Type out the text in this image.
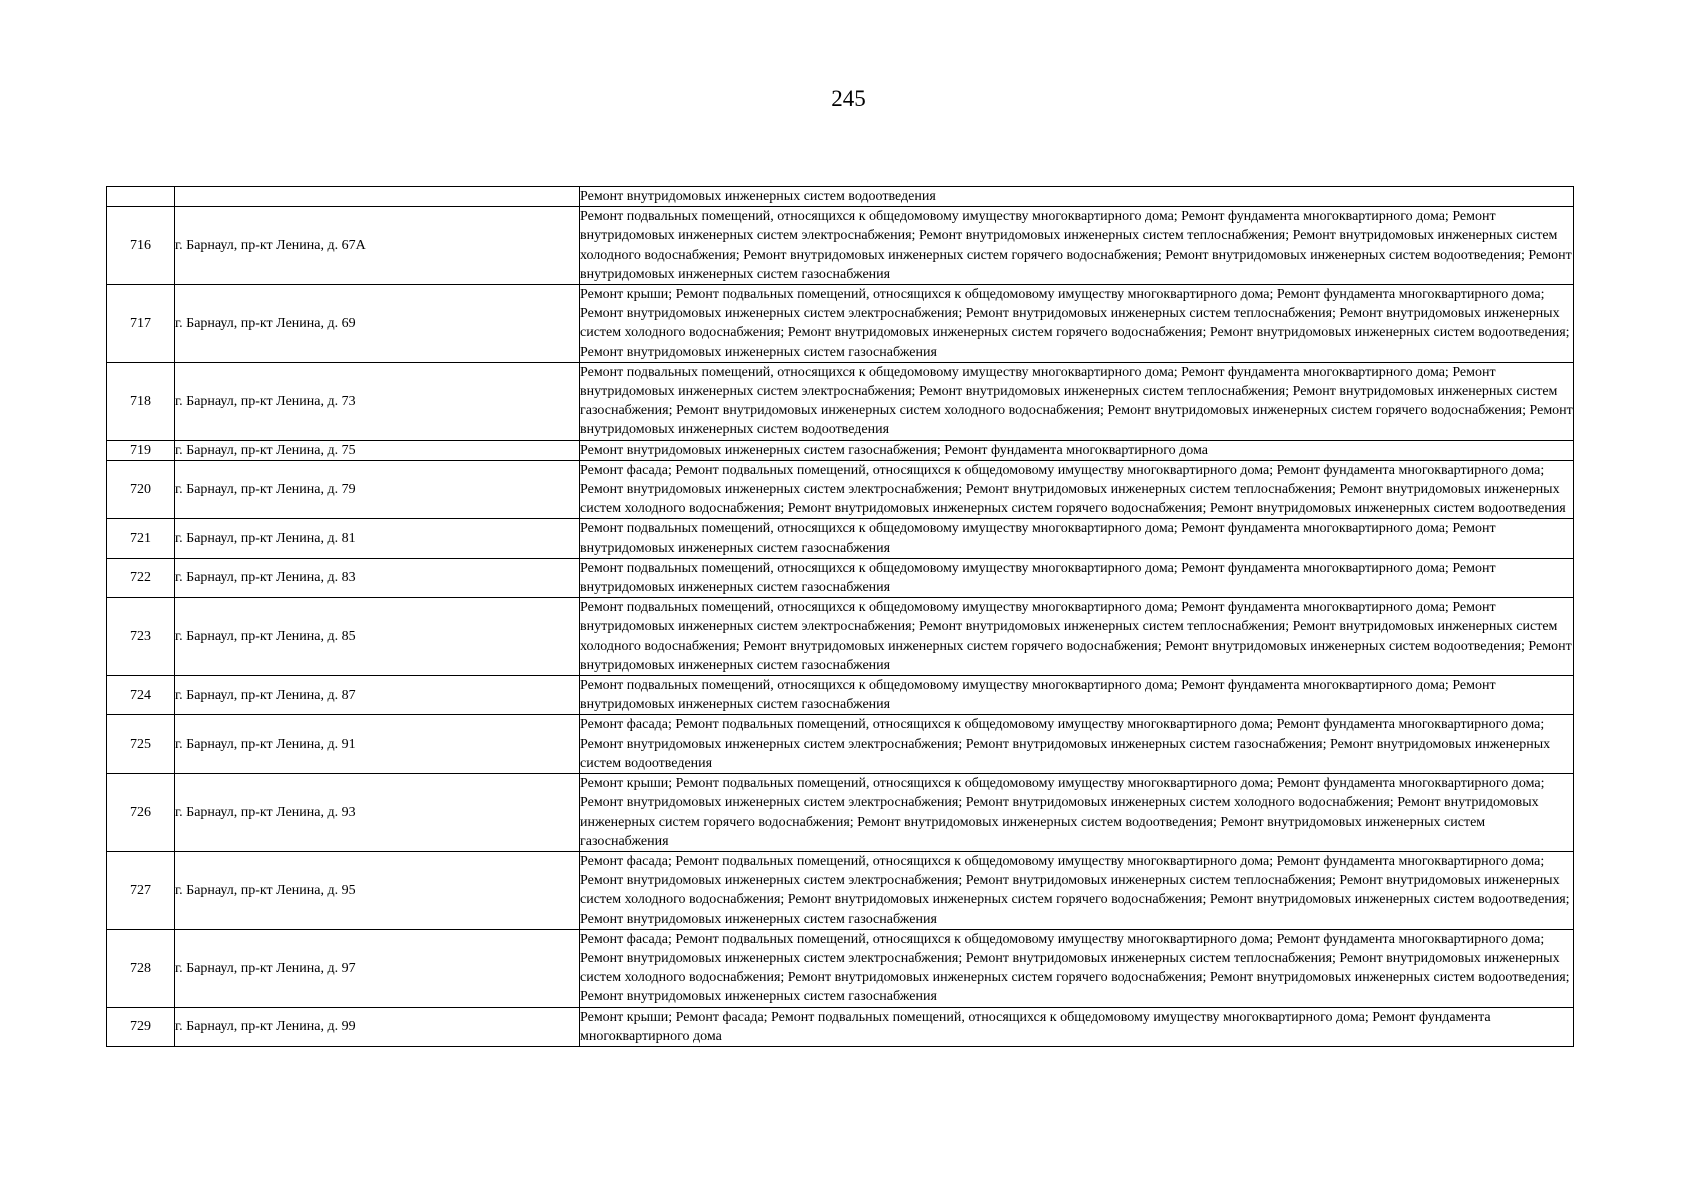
245
		Ремонт внутридомовых инженерных систем водоотведения
716	г. Барнаул, пр-кт Ленина, д. 67А	Ремонт подвальных помещений, относящихся к общедомовому имуществу многоквартирного дома; Ремонт фундамента многоквартирного дома; Ремонт внутридомовых инженерных систем электроснабжения; Ремонт внутридомовых инженерных систем теплоснабжения; Ремонт внутридомовых инженерных систем холодного водоснабжения; Ремонт внутридомовых инженерных систем горячего водоснабжения; Ремонт внутридомовых инженерных систем водоотведения; Ремонт внутридомовых инженерных систем газоснабжения
717	г. Барнаул, пр-кт Ленина, д. 69	Ремонт крыши; Ремонт подвальных помещений, относящихся к общедомовому имуществу многоквартирного дома; Ремонт фундамента многоквартирного дома; Ремонт внутридомовых инженерных систем электроснабжения; Ремонт внутридомовых инженерных систем теплоснабжения; Ремонт внутридомовых инженерных систем холодного водоснабжения; Ремонт внутридомовых инженерных систем горячего водоснабжения; Ремонт внутридомовых инженерных систем водоотведения; Ремонт внутридомовых инженерных систем газоснабжения
718	г. Барнаул, пр-кт Ленина, д. 73	Ремонт подвальных помещений, относящихся к общедомовому имуществу многоквартирного дома; Ремонт фундамента многоквартирного дома; Ремонт внутридомовых инженерных систем электроснабжения; Ремонт внутридомовых инженерных систем теплоснабжения; Ремонт внутридомовых инженерных систем газоснабжения; Ремонт внутридомовых инженерных систем холодного водоснабжения; Ремонт внутридомовых инженерных систем горячего водоснабжения; Ремонт внутридомовых инженерных систем водоотведения
719	г. Барнаул, пр-кт Ленина, д. 75	Ремонт внутридомовых инженерных систем газоснабжения; Ремонт фундамента многоквартирного дома
720	г. Барнаул, пр-кт Ленина, д. 79	Ремонт фасада; Ремонт подвальных помещений, относящихся к общедомовому имуществу многоквартирного дома; Ремонт фундамента многоквартирного дома; Ремонт внутридомовых инженерных систем электроснабжения; Ремонт внутридомовых инженерных систем теплоснабжения; Ремонт внутридомовых инженерных систем холодного водоснабжения; Ремонт внутридомовых инженерных систем горячего водоснабжения; Ремонт внутридомовых инженерных систем водоотведения
721	г. Барнаул, пр-кт Ленина, д. 81	Ремонт подвальных помещений, относящихся к общедомовому имуществу многоквартирного дома; Ремонт фундамента многоквартирного дома; Ремонт внутридомовых инженерных систем газоснабжения
722	г. Барнаул, пр-кт Ленина, д. 83	Ремонт подвальных помещений, относящихся к общедомовому имуществу многоквартирного дома; Ремонт фундамента многоквартирного дома; Ремонт внутридомовых инженерных систем газоснабжения
723	г. Барнаул, пр-кт Ленина, д. 85	Ремонт подвальных помещений, относящихся к общедомовому имуществу многоквартирного дома; Ремонт фундамента многоквартирного дома; Ремонт внутридомовых инженерных систем электроснабжения; Ремонт внутридомовых инженерных систем теплоснабжения; Ремонт внутридомовых инженерных систем холодного водоснабжения; Ремонт внутридомовых инженерных систем горячего водоснабжения; Ремонт внутридомовых инженерных систем водоотведения; Ремонт внутридомовых инженерных систем газоснабжения
724	г. Барнаул, пр-кт Ленина, д. 87	Ремонт подвальных помещений, относящихся к общедомовому имуществу многоквартирного дома; Ремонт фундамента многоквартирного дома; Ремонт внутридомовых инженерных систем газоснабжения
725	г. Барнаул, пр-кт Ленина, д. 91	Ремонт фасада; Ремонт подвальных помещений, относящихся к общедомовому имуществу многоквартирного дома; Ремонт фундамента многоквартирного дома; Ремонт внутридомовых инженерных систем электроснабжения; Ремонт внутридомовых инженерных систем газоснабжения; Ремонт внутридомовых инженерных систем водоотведения
726	г. Барнаул, пр-кт Ленина, д. 93	Ремонт крыши; Ремонт подвальных помещений, относящихся к общедомовому имуществу многоквартирного дома; Ремонт фундамента многоквартирного дома; Ремонт внутридомовых инженерных систем электроснабжения; Ремонт внутридомовых инженерных систем холодного водоснабжения; Ремонт внутридомовых инженерных систем горячего водоснабжения; Ремонт внутридомовых инженерных систем водоотведения; Ремонт внутридомовых инженерных систем газоснабжения
727	г. Барнаул, пр-кт Ленина, д. 95	Ремонт фасада; Ремонт подвальных помещений, относящихся к общедомовому имуществу многоквартирного дома; Ремонт фундамента многоквартирного дома; Ремонт внутридомовых инженерных систем электроснабжения; Ремонт внутридомовых инженерных систем теплоснабжения; Ремонт внутридомовых инженерных систем холодного водоснабжения; Ремонт внутридомовых инженерных систем горячего водоснабжения; Ремонт внутридомовых инженерных систем водоотведения; Ремонт внутридомовых инженерных систем газоснабжения
728	г. Барнаул, пр-кт Ленина, д. 97	Ремонт фасада; Ремонт подвальных помещений, относящихся к общедомовому имуществу многоквартирного дома; Ремонт фундамента многоквартирного дома; Ремонт внутридомовых инженерных систем электроснабжения; Ремонт внутридомовых инженерных систем теплоснабжения; Ремонт внутридомовых инженерных систем холодного водоснабжения; Ремонт внутридомовых инженерных систем горячего водоснабжения; Ремонт внутридомовых инженерных систем водоотведения; Ремонт внутридомовых инженерных систем газоснабжения
729	г. Барнаул, пр-кт Ленина, д. 99	Ремонт крыши; Ремонт фасада; Ремонт подвальных помещений, относящихся к общедомовому имуществу многоквартирного дома; Ремонт фундамента многоквартирного дома
